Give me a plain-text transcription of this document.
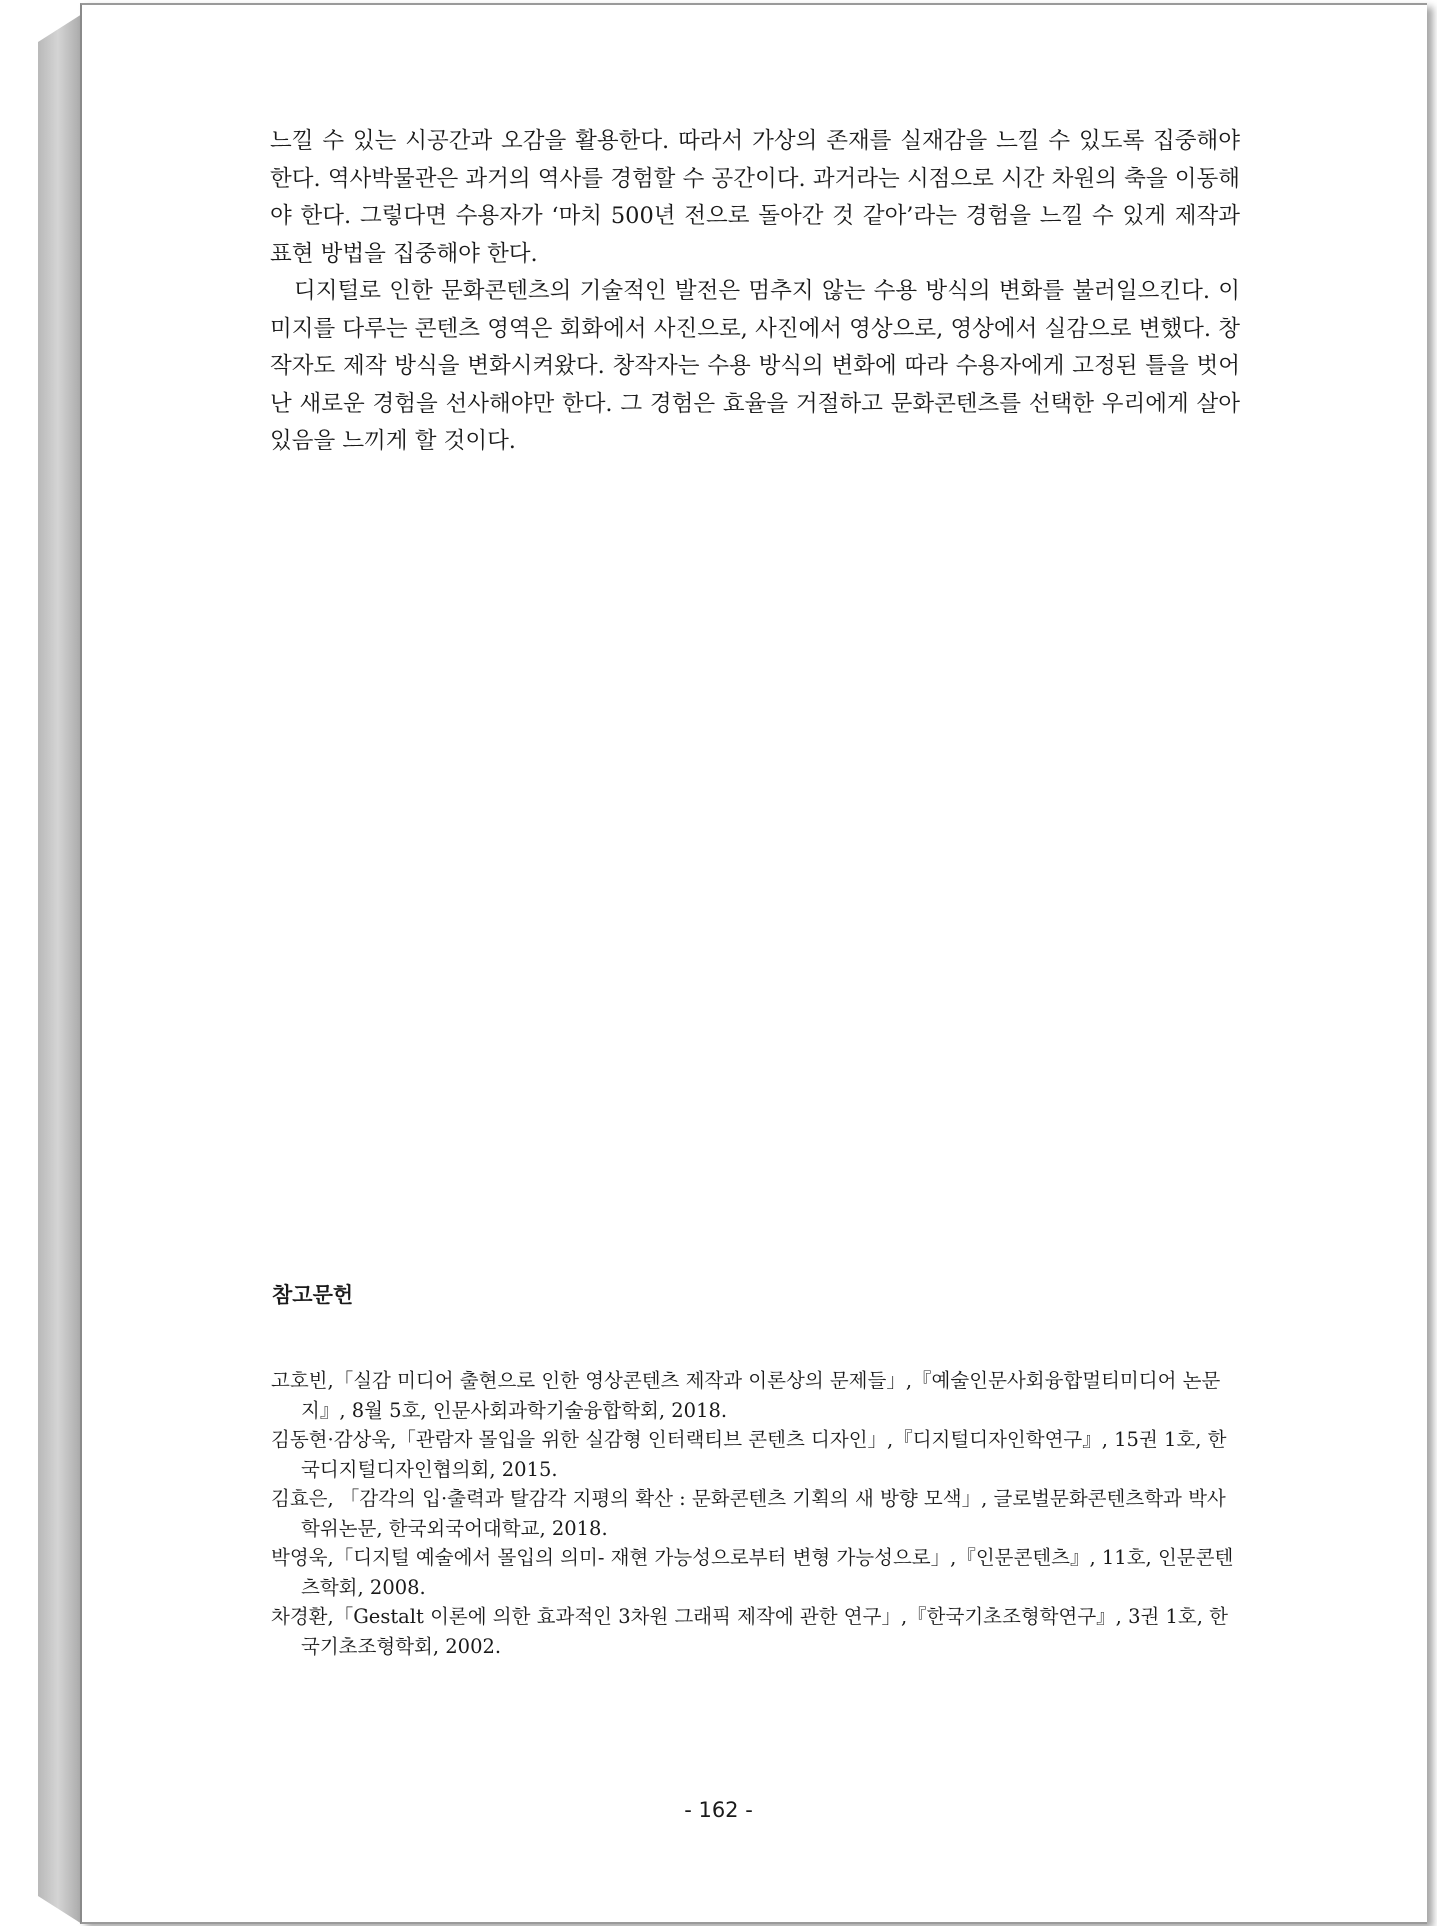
느낄 수 있는 시공간과 오감을 활용한다. 따라서 가상의 존재를 실재감을 느낄 수 있도록 집중해야 한다. 역사박물관은 과거의 역사를 경험할 수 공간이다. 과거라는 시점으로 시간 차원의 축을 이동해야 한다. 그렇다면 수용자가 ‘마치 500년 전으로 돌아간 것 같아’라는 경험을 느낄 수 있게 제작과 표현 방법을 집중해야 한다.

디지털로 인한 문화콘텐츠의 기술적인 발전은 멈추지 않는 수용 방식의 변화를 불러일으킨다. 이미지를 다루는 콘텐츠 영역은 회화에서 사진으로, 사진에서 영상으로, 영상에서 실감으로 변했다. 창작자도 제작 방식을 변화시켜왔다. 창작자는 수용 방식의 변화에 따라 수용자에게 고정된 틀을 벗어난 새로운 경험을 선사해야만 한다. 그 경험은 효율을 거절하고 문화콘텐츠를 선택한 우리에게 살아 있음을 느끼게 할 것이다.

참고문헌
고호빈,「실감 미디어 출현으로 인한 영상콘텐츠 제작과 이론상의 문제들」,『예술인문사회융합멀티미디어 논문지』, 8월 5호, 인문사회과학기술융합학회, 2018.
김동현·감상욱,「관람자 몰입을 위한 실감형 인터랙티브 콘텐츠 디자인」,『디지털디자인학연구』, 15권 1호, 한국디지털디자인협의회, 2015.
김효은, 「감각의 입·출력과 탈감각 지평의 확산 : 문화콘텐츠 기획의 새 방향 모색」, 글로벌문화콘텐츠학과 박사학위논문, 한국외국어대학교, 2018.
박영욱,「디지털 예술에서 몰입의 의미- 재현 가능성으로부터 변형 가능성으로」,『인문콘텐츠』, 11호, 인문콘텐츠학회, 2008.
차경환,「Gestalt 이론에 의한 효과적인 3차원 그래픽 제작에 관한 연구」,『한국기초조형학연구』, 3권 1호, 한국기초조형학회, 2002.
- 162 -
